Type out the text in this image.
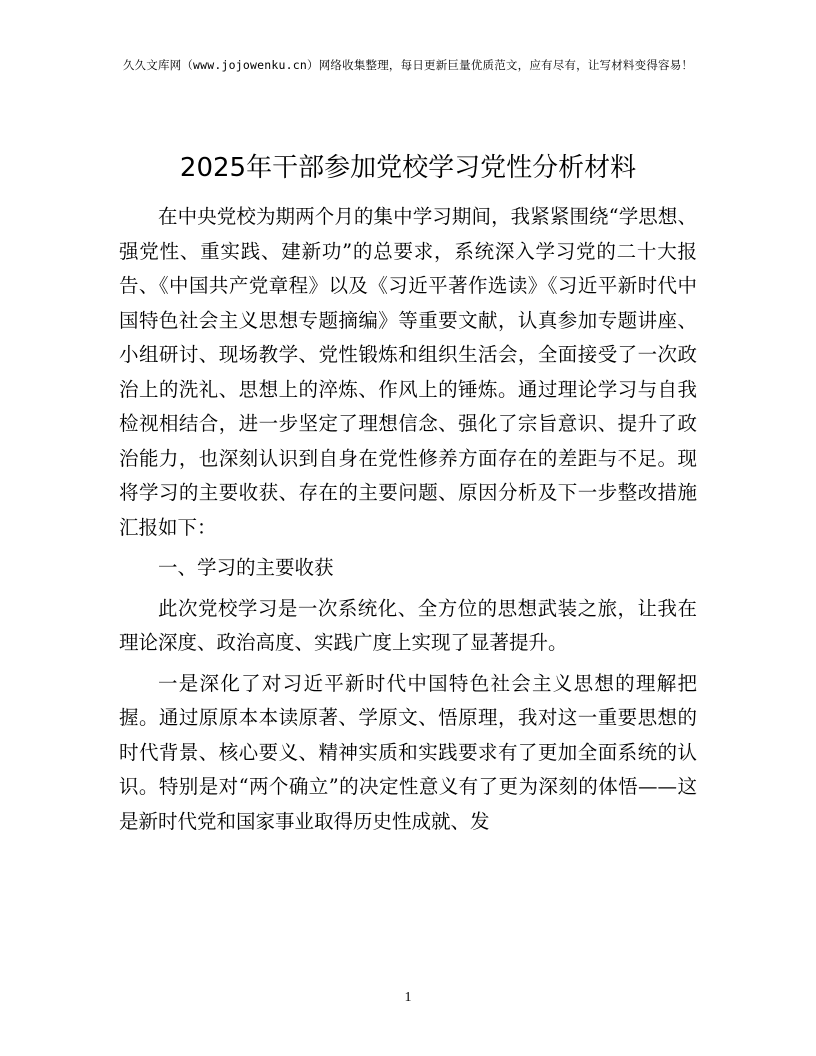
久久文库网（www.jojowenku.cn）网络收集整理，每日更新巨量优质范文，应有尽有，让写材料变得容易！
2025年干部参加党校学习党性分析材料

在中央党校为期两个月的集中学习期间，我紧紧围绕“学思想、强党性、重实践、建新功”的总要求，系统深入学习党的二十大报告、《中国共产党章程》以及《习近平著作选读》《习近平新时代中国特色社会主义思想专题摘编》等重要文献，认真参加专题讲座、小组研讨、现场教学、党性锻炼和组织生活会，全面接受了一次政治上的洗礼、思想上的淬炼、作风上的锤炼。通过理论学习与自我检视相结合，进一步坚定了理想信念、强化了宗旨意识、提升了政治能力，也深刻认识到自身在党性修养方面存在的差距与不足。现将学习的主要收获、存在的主要问题、原因分析及下一步整改措施汇报如下：

一、学习的主要收获

此次党校学习是一次系统化、全方位的思想武装之旅，让我在理论深度、政治高度、实践广度上实现了显著提升。

一是深化了对习近平新时代中国特色社会主义思想的理解把握。通过原原本本读原著、学原文、悟原理，我对这一重要思想的时代背景、核心要义、精神实质和实践要求有了更加全面系统的认识。特别是对“两个确立”的决定性意义有了更为深刻的体悟——这是新时代党和国家事业取得历史性成就、发

1
